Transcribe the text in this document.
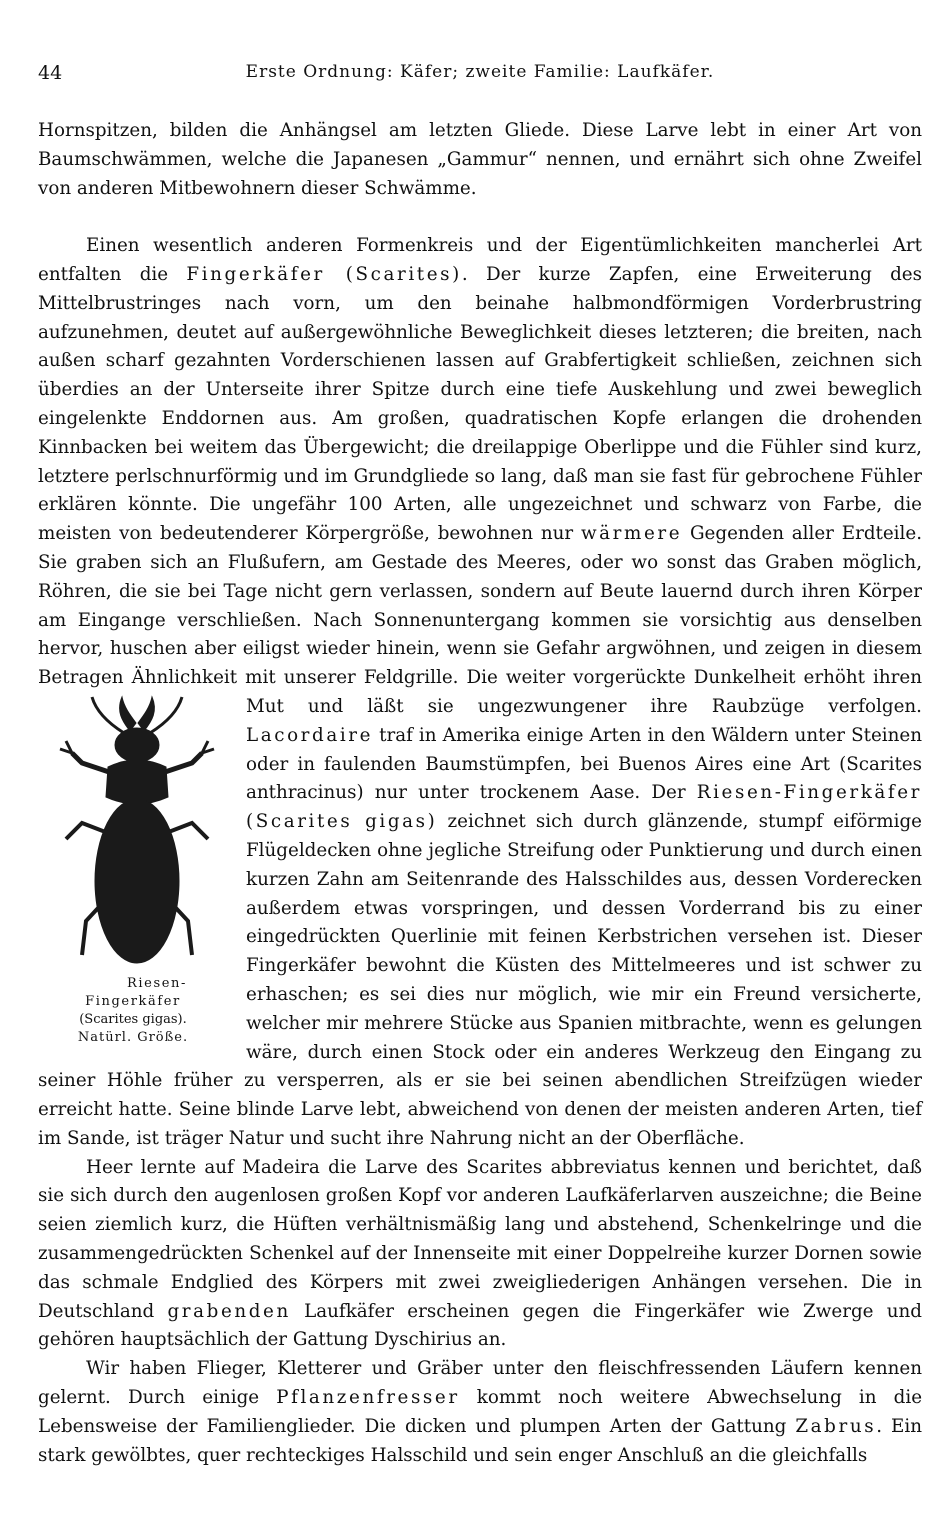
44	Erste Ordnung: Käfer; zweite Familie: Laufkäfer.

Hornspitzen, bilden die Anhängsel am letzten Gliede. Diese Larve lebt in einer Art von Baumschwämmen, welche die Japanesen „Gammur“ nennen, und ernährt sich ohne Zweifel von anderen Mitbewohnern dieser Schwämme.

Einen wesentlich anderen Formenkreis und der Eigentümlichkeiten mancherlei Art entfalten die Fingerkäfer (Scarites). Der kurze Zapfen, eine Erweiterung des Mittelbrustringes nach vorn, um den beinahe halbmondförmigen Vorderbrustring aufzunehmen, deutet auf außergewöhnliche Beweglichkeit dieses letzteren; die breiten, nach außen scharf gezahnten Vorderschienen lassen auf Grabfertigkeit schließen, zeichnen sich überdies an der Unterseite ihrer Spitze durch eine tiefe Auskehlung und zwei beweglich eingelenkte Enddornen aus. Am großen, quadratischen Kopfe erlangen die drohenden Kinnbacken bei weitem das Übergewicht; die dreilappige Oberlippe und die Fühler sind kurz, letztere perlschnurförmig und im Grundgliede so lang, daß man sie fast für gebrochene Fühler erklären könnte. Die ungefähr 100 Arten, alle ungezeichnet und schwarz von Farbe, die meisten von bedeutenderer Körpergröße, bewohnen nur wärmere Gegenden aller Erdteile. Sie graben sich an Flußufern, am Gestade des Meeres, oder wo sonst das Graben möglich, Röhren, die sie bei Tage nicht gern verlassen, sondern auf Beute lauernd durch ihren Körper am Eingange verschließen. Nach Sonnenuntergang kommen sie vorsichtig aus denselben hervor, huschen aber eiligst wieder hinein, wenn sie Gefahr argwöhnen, und zeigen in diesem Betragen Ähnlichkeit mit unserer Feldgrille. Die weiter vorgerückte Dunkelheit erhöht ihren Mut und läßt sie ungezwungener ihre Raubzüge verfolgen.
Riesen-Fingerkäfer
(Scarites gigas).
Natürl. Größe.
Lacordaire traf in Amerika einige Arten in den Wäldern unter Steinen oder in faulenden Baumstümpfen, bei Buenos Aires eine Art (Scarites anthracinus) nur unter trockenem Aase. Der Riesen-Fingerkäfer (Scarites gigas) zeichnet sich durch glänzende, stumpf eiförmige Flügeldecken ohne jegliche Streifung oder Punktierung und durch einen kurzen Zahn am Seitenrande des Halsschildes aus, dessen Vorderecken außerdem etwas vorspringen, und dessen Vorderrand bis zu einer eingedrückten Querlinie mit feinen Kerbstrichen versehen ist. Dieser Fingerkäfer bewohnt die Küsten des Mittelmeeres und ist schwer zu erhaschen; es sei dies nur möglich, wie mir ein Freund versicherte, welcher mir mehrere Stücke aus Spanien mitbrachte, wenn es gelungen wäre, durch einen Stock oder ein anderes Werkzeug den Eingang zu seiner Höhle früher zu versperren, als er sie bei seinen abendlichen Streifzügen wieder erreicht hatte. Seine blinde Larve lebt, abweichend von denen der meisten anderen Arten, tief im Sande, ist träger Natur und sucht ihre Nahrung nicht an der Oberfläche.

Heer lernte auf Madeira die Larve des Scarites abbreviatus kennen und berichtet, daß sie sich durch den augenlosen großen Kopf vor anderen Laufkäferlarven auszeichne; die Beine seien ziemlich kurz, die Hüften verhältnismäßig lang und abstehend, Schenkelringe und die zusammengedrückten Schenkel auf der Innenseite mit einer Doppelreihe kurzer Dornen sowie das schmale Endglied des Körpers mit zwei zweigliederigen Anhängen versehen. Die in Deutschland grabenden Laufkäfer erscheinen gegen die Fingerkäfer wie Zwerge und gehören hauptsächlich der Gattung Dyschirius an.

Wir haben Flieger, Kletterer und Gräber unter den fleischfressenden Läufern kennen gelernt. Durch einige Pflanzenfresser kommt noch weitere Abwechselung in die Lebensweise der Familienglieder. Die dicken und plumpen Arten der Gattung Zabrus. Ein stark gewölbtes, quer rechteckiges Halsschild und sein enger Anschluß an die gleichfalls
